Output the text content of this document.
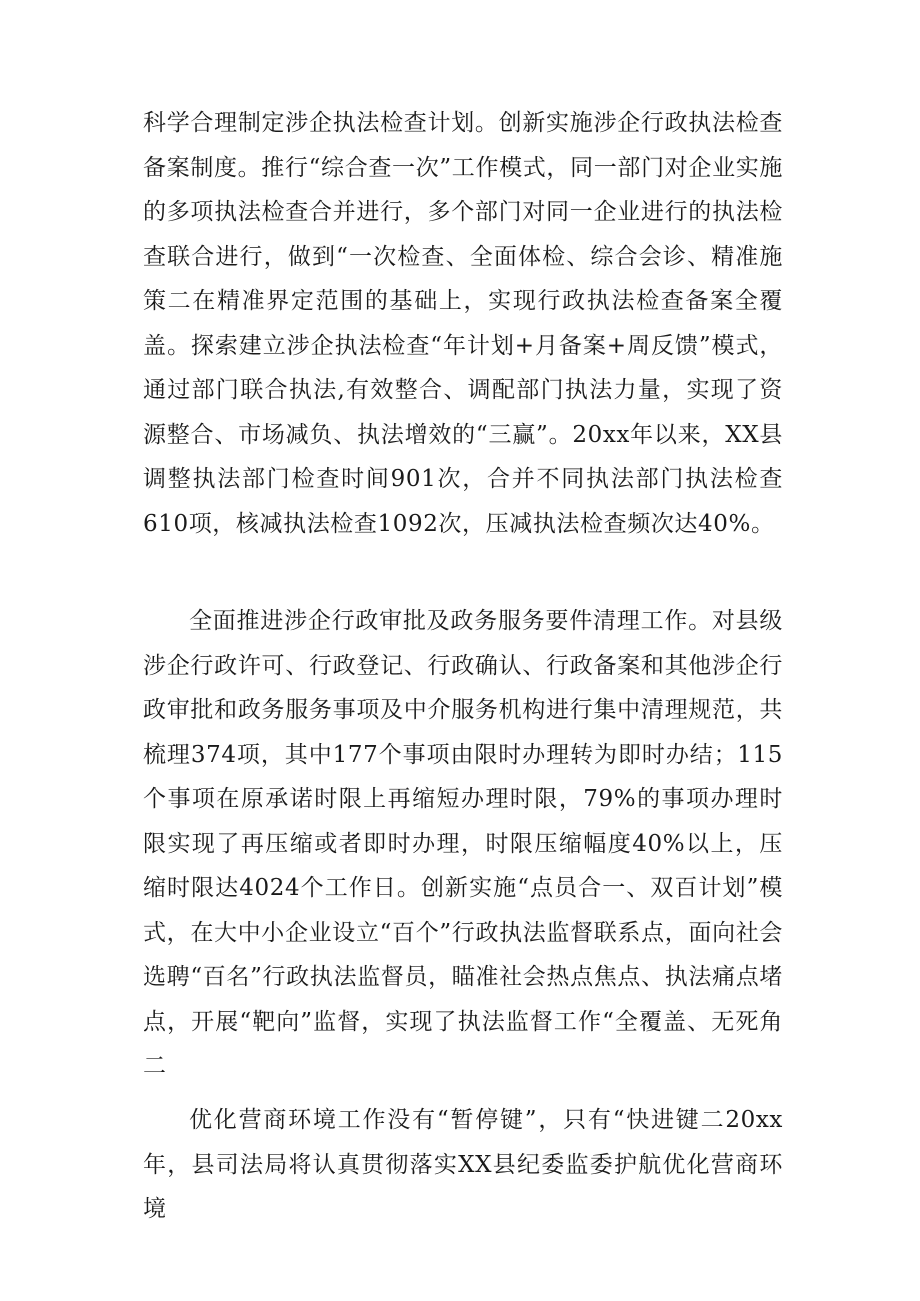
科学合理制定涉企执法检查计划。创新实施涉企行政执法检查备案制度。推行“综合查一次”工作模式，同一部门对企业实施的多项执法检查合并进行，多个部门对同一企业进行的执法检查联合进行，做到“一次检查、全面体检、综合会诊、精准施策二在精准界定范围的基础上，实现行政执法检查备案全覆盖。探索建立涉企执法检查“年计划+月备案+周反馈”模式，通过部门联合执法,有效整合、调配部门执法力量，实现了资源整合、市场减负、执法增效的“三赢”。20xx年以来，XX县调整执法部门检查时间901次，合并不同执法部门执法检查610项，核减执法检查1092次，压减执法检查频次达40%。

全面推进涉企行政审批及政务服务要件清理工作。对县级涉企行政许可、行政登记、行政确认、行政备案和其他涉企行政审批和政务服务事项及中介服务机构进行集中清理规范，共梳理374项，其中177个事项由限时办理转为即时办结；115个事项在原承诺时限上再缩短办理时限，79%的事项办理时限实现了再压缩或者即时办理，时限压缩幅度40%以上，压缩时限达4024个工作日。创新实施“点员合一、双百计划”模式，在大中小企业设立“百个”行政执法监督联系点，面向社会选聘“百名”行政执法监督员，瞄准社会热点焦点、执法痛点堵点，开展“靶向”监督，实现了执法监督工作“全覆盖、无死角二

优化营商环境工作没有“暂停键”，只有“快进键二20xx年，县司法局将认真贯彻落实XX县纪委监委护航优化营商环境
